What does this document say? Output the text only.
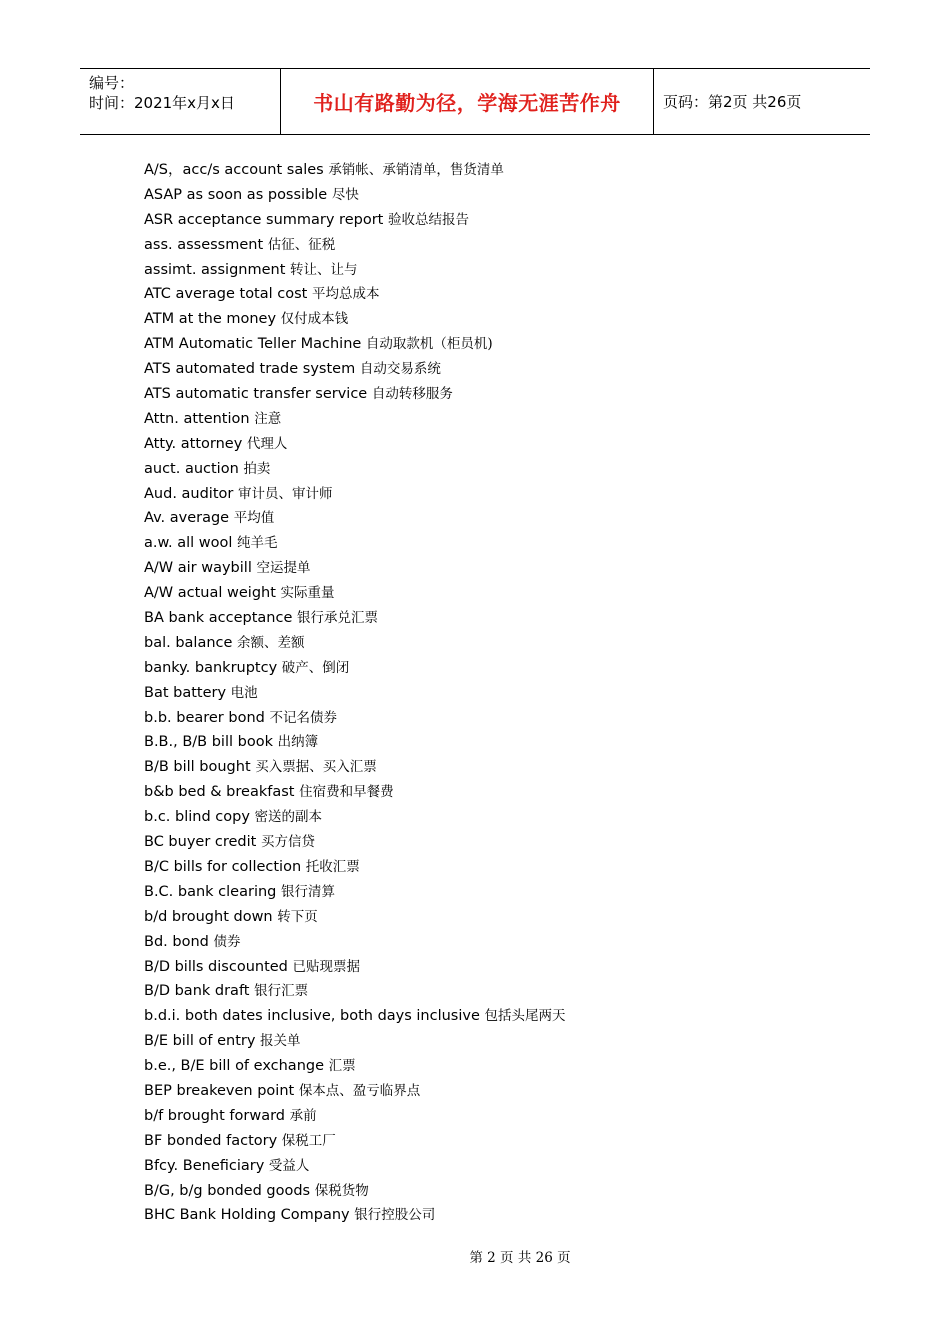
编号：
时间：2021年x月x日	书山有路勤为径，学海无涯苦作舟	页码：第2页 共26页
A/S，acc/s account sales 承销帐、承销清单，售货清单
ASAP as soon as possible 尽快
ASR acceptance summary report 验收总结报告
ass. assessment 估征、征税
assimt. assignment 转让、让与
ATC average total cost 平均总成本
ATM at the money 仅付成本钱
ATM Automatic Teller Machine 自动取款机（柜员机)
ATS automated trade system 自动交易系统
ATS automatic transfer service 自动转移服务
Attn. attention 注意
Atty. attorney 代理人
auct. auction 拍卖
Aud. auditor 审计员、审计师
Av. average 平均值
a.w. all wool 纯羊毛
A/W air waybill 空运提单
A/W actual weight 实际重量
BA bank acceptance 银行承兑汇票
bal. balance 余额、差额
banky. bankruptcy 破产、倒闭
Bat battery 电池
b.b. bearer bond 不记名债券
B.B., B/B bill book 出纳簿
B/B bill bought 买入票据、买入汇票
b&b bed & breakfast 住宿费和早餐费
b.c. blind copy 密送的副本
BC buyer credit 买方信贷
B/C bills for collection 托收汇票
B.C. bank clearing 银行清算
b/d brought down 转下页
Bd. bond 债券
B/D bills discounted 已贴现票据
B/D bank draft 银行汇票
b.d.i. both dates inclusive, both days inclusive 包括头尾两天
B/E bill of entry 报关单
b.e., B/E bill of exchange 汇票
BEP breakeven point 保本点、盈亏临界点
b/f brought forward 承前
BF bonded factory 保税工厂
Bfcy. Beneficiary 受益人
B/G, b/g bonded goods 保税货物
BHC Bank Holding Company 银行控股公司
第 2 页 共 26 页
